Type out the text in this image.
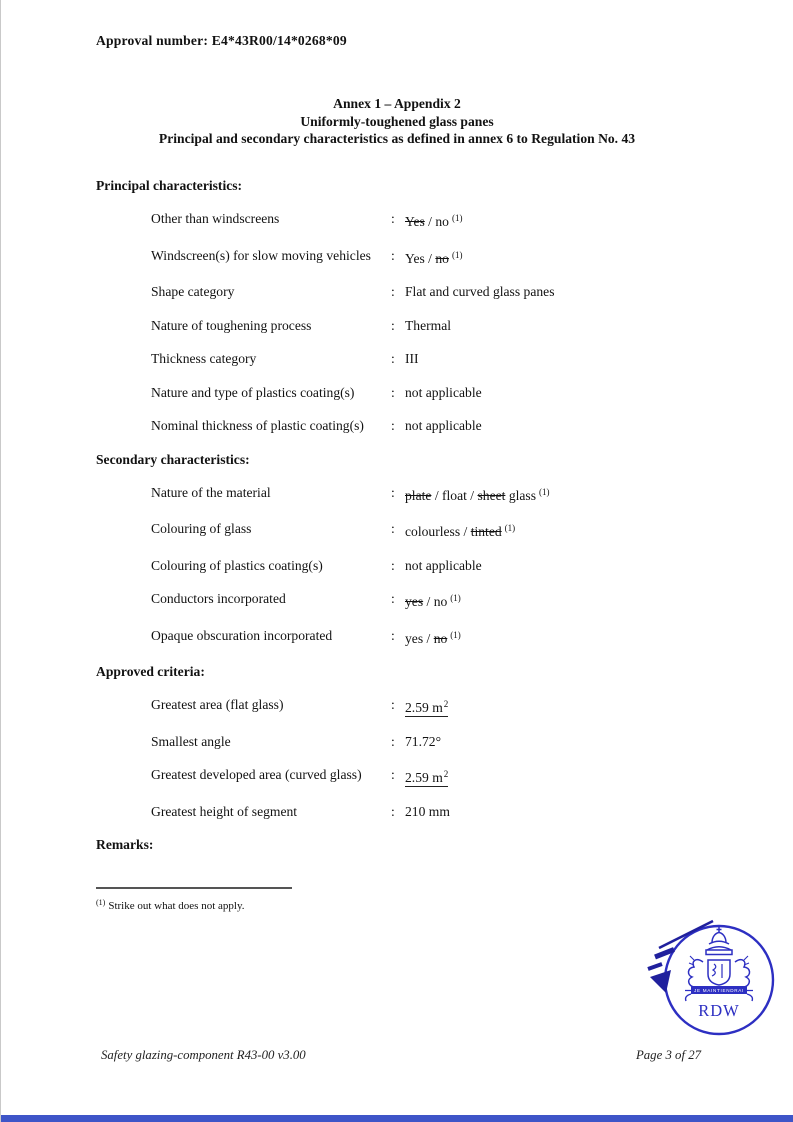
Approval number: E4*43R00/14*0268*09
Annex 1 – Appendix 2
Uniformly-toughened glass panes
Principal and secondary characteristics as defined in annex 6 to Regulation No. 43
Principal characteristics:
Other than windscreens	: Yes / no $^{(1)}$
Windscreen(s) for slow moving vehicles	: Yes / no $^{(1)}$
Shape category	: Flat and curved glass panes
Nature of toughening process	: Thermal
Thickness category	: III
Nature and type of plastics coating(s)	: not applicable
Nominal thickness of plastic coating(s)	: not applicable
Secondary characteristics:
Nature of the material	: plate / float / sheet glass $^{(1)}$
Colouring of glass	: colourless / tinted $^{(1)}$
Colouring of plastics coating(s)	: not applicable
Conductors incorporated	: yes / no $^{(1)}$
Opaque obscuration incorporated	: yes / no $^{(1)}$
Approved criteria:
Greatest area (flat glass)	: 2.59 $m^2$
Smallest angle	: 71.72°
Greatest developed area (curved glass)	: 2.59 $m^2$
Greatest height of segment	: 210 mm
Remarks:
$^{(1)}$ Strike out what does not apply.
JE MAINTIENDRAI
RDW
Safety glazing-component R43-00 v3.00	Page 3 of 27
